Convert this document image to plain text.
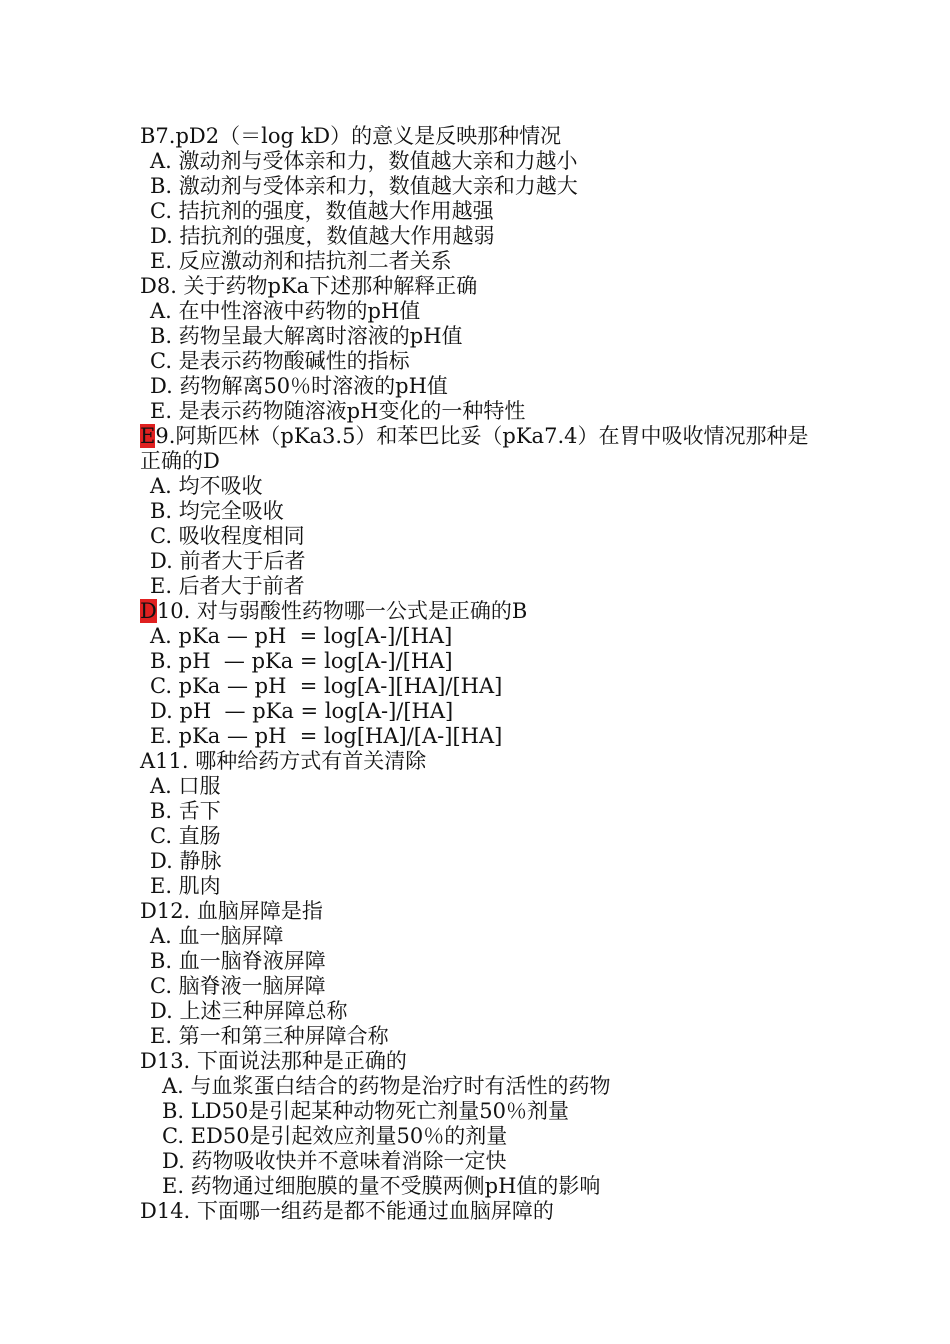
B7.pD2（＝log kD）的意义是反映那种情况
A. 激动剂与受体亲和力，数值越大亲和力越小
B. 激动剂与受体亲和力，数值越大亲和力越大
C. 拮抗剂的强度，数值越大作用越强
D. 拮抗剂的强度，数值越大作用越弱
E. 反应激动剂和拮抗剂二者关系
D8. 关于药物pKa下述那种解释正确
A. 在中性溶液中药物的pH值
B. 药物呈最大解离时溶液的pH值
C. 是表示药物酸碱性的指标
D. 药物解离50％时溶液的pH值
E. 是表示药物随溶液pH变化的一种特性
E9.阿斯匹林（pKa3.5）和苯巴比妥（pKa7.4）在胃中吸收情况那种是
正确的D
A. 均不吸收
B. 均完全吸收
C. 吸收程度相同
D. 前者大于后者
E. 后者大于前者
D10. 对与弱酸性药物哪一公式是正确的B
A. pKa — pH  = log[A-]/[HA]
B. pH  — pKa = log[A-]/[HA]
C. pKa — pH  = log[A-][HA]/[HA]
D. pH  — pKa = log[A-]/[HA]
E. pKa — pH  = log[HA]/[A-][HA]
A11. 哪种给药方式有首关清除
A. 口服
B. 舌下
C. 直肠
D. 静脉
E. 肌肉
D12. 血脑屏障是指
A. 血一脑屏障
B. 血一脑脊液屏障
C. 脑脊液一脑屏障
D. 上述三种屏障总称
E. 第一和第三种屏障合称
D13. 下面说法那种是正确的
A. 与血浆蛋白结合的药物是治疗时有活性的药物
B. LD50是引起某种动物死亡剂量50％剂量
C. ED50是引起效应剂量50％的剂量
D. 药物吸收快并不意味着消除一定快
E. 药物通过细胞膜的量不受膜两侧pH值的影响
D14. 下面哪一组药是都不能通过血脑屏障的
